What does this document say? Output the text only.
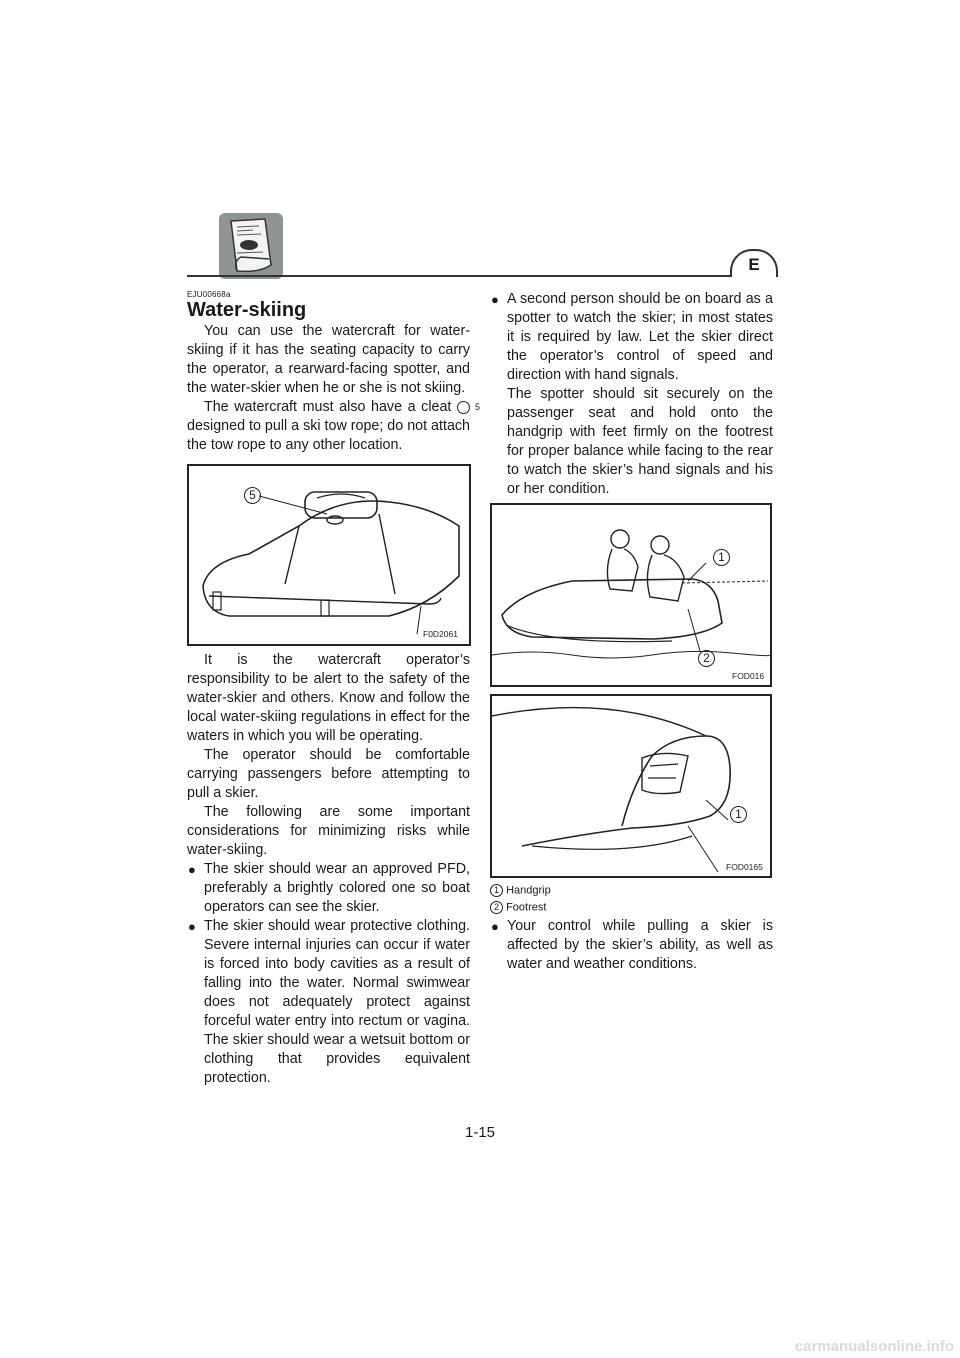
E
EJU00668a
Water-skiing

You can use the watercraft for water-skiing if it has the seating capacity to carry the operator, a rearward-facing spotter, and the water-skier when he or she is not skiing.

The watercraft must also have a cleat	5 designed to pull a ski tow rope; do not attach the tow rope to any other location.

5
F0D2061

It is the watercraft operator’s responsibility to be alert to the safety of the water-skier and others. Know and follow the local water-skiing regulations in effect for the waters in which you will be operating.

The operator should be comfortable carrying passengers before attempting to pull a skier.

The following are some important considerations for minimizing risks while water-skiing.

● The skier should wear an approved PFD, preferably a brightly colored one so boat operators can see the skier.

● The skier should wear protective clothing. Severe internal injuries can occur if water is forced into body cavities as a result of falling into the water. Normal swimwear does not adequately protect against forceful water entry into rectum or vagina. The skier should wear a wetsuit bottom or clothing that provides equivalent protection.

● A second person should be on board as a spotter to watch the skier; in most states it is required by law. Let the skier direct the operator’s control of speed and direction with hand signals.

The spotter should sit securely on the passenger seat and hold onto the handgrip with feet firmly on the footrest for proper balance while facing to the rear to watch the skier’s hand signals and his or her condition.

1
2
FOD016
1
FOD0165
1 Handgrip
2 Footrest

● Your control while pulling a skier is affected by the skier’s ability, as well as water and weather conditions.

1-15
carmanualsonline.info
